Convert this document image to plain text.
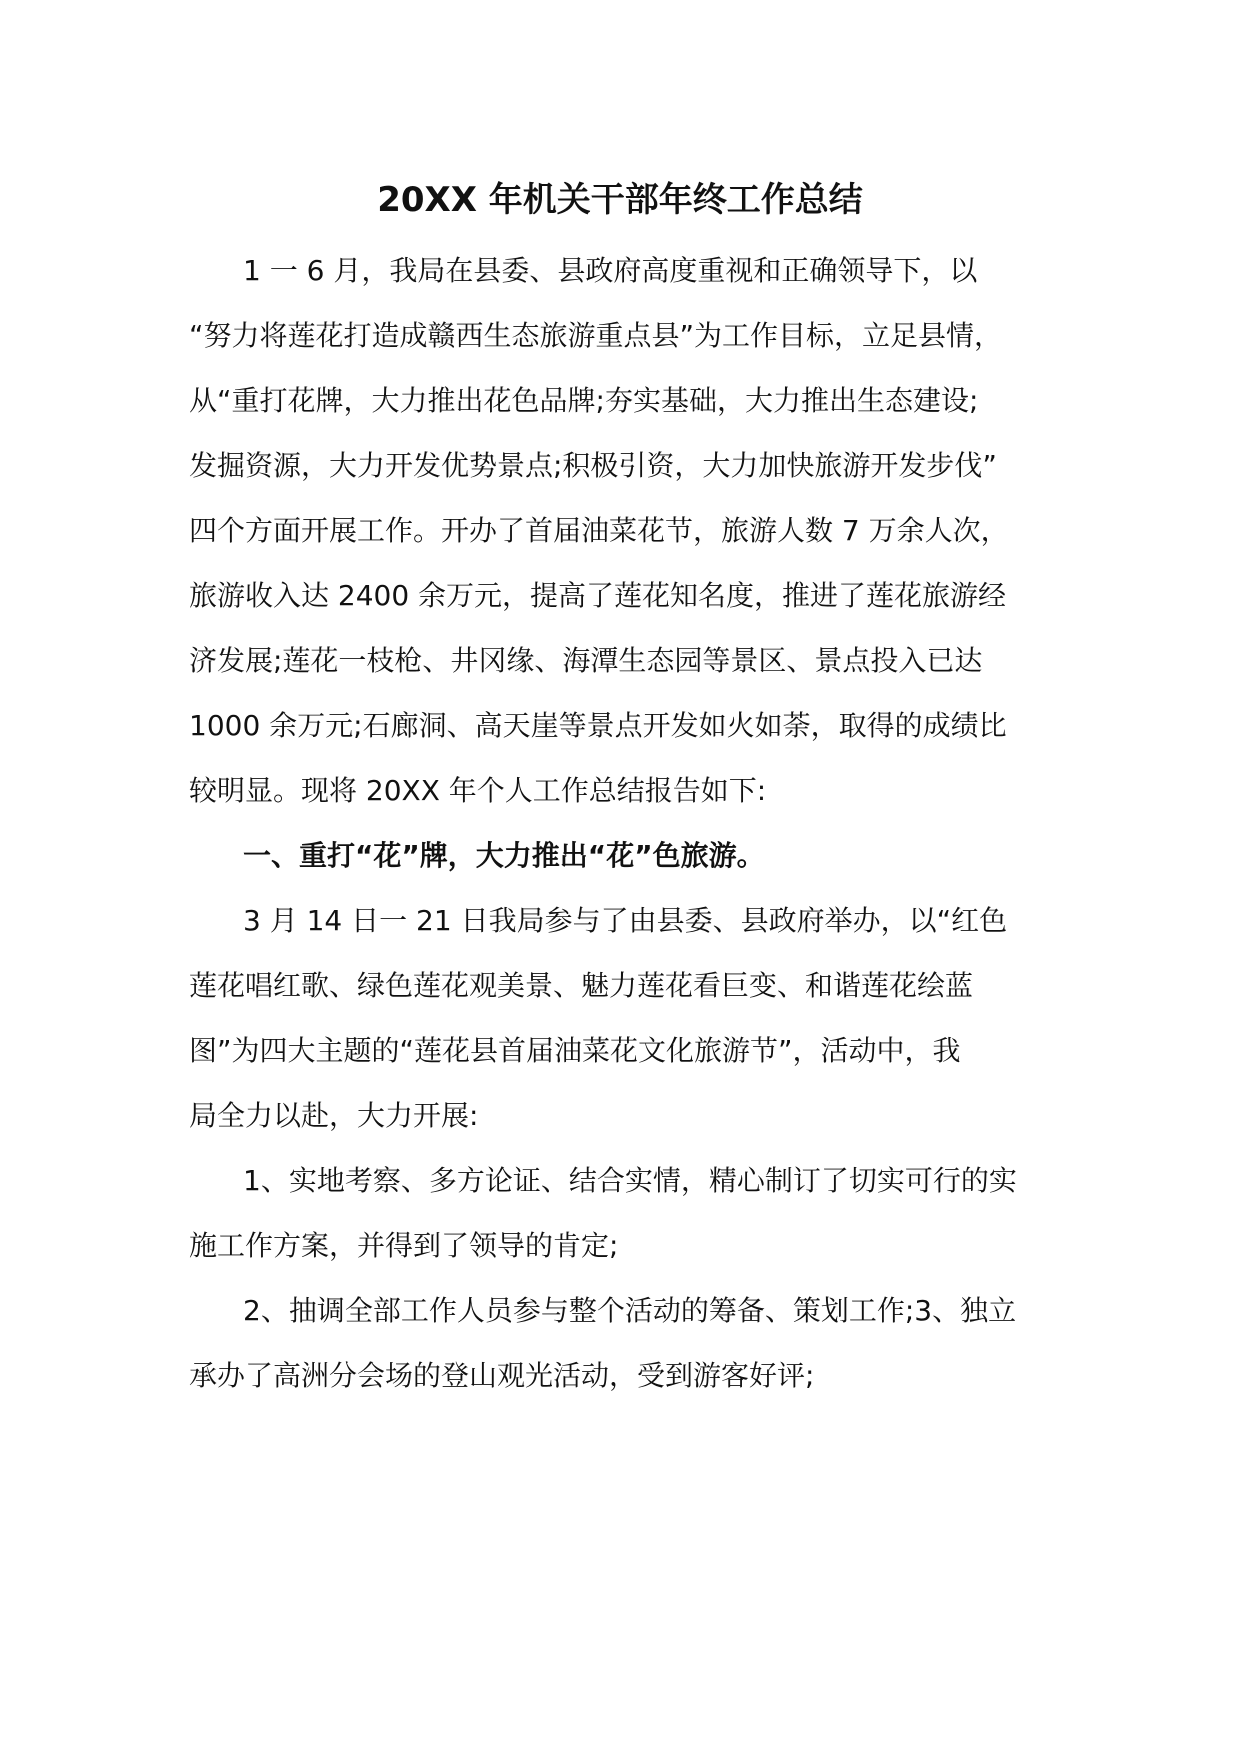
20XX 年机关干部年终工作总结
1 一 6 月，我局在县委、县政府高度重视和正确领导下，以
“努力将莲花打造成赣西生态旅游重点县”为工作目标，立足县情，
从“重打花牌，大力推出花色品牌;夯实基础，大力推出生态建设;
发掘资源，大力开发优势景点;积极引资，大力加快旅游开发步伐”
四个方面开展工作。开办了首届油菜花节，旅游人数 7 万余人次，
旅游收入达 2400 余万元，提高了莲花知名度，推进了莲花旅游经
济发展;莲花一枝枪、井冈缘、海潭生态园等景区、景点投入已达
1000 余万元;石廊洞、高天崖等景点开发如火如荼，取得的成绩比
较明显。现将 20XX 年个人工作总结报告如下:
一、重打“花”牌，大力推出“花”色旅游。
3 月 14 日一 21 日我局参与了由县委、县政府举办，以“红色
莲花唱红歌、绿色莲花观美景、魅力莲花看巨变、和谐莲花绘蓝
图”为四大主题的“莲花县首届油菜花文化旅游节”，活动中，我
局全力以赴，大力开展:
1、实地考察、多方论证、结合实情，精心制订了切实可行的实
施工作方案，并得到了领导的肯定;
2、抽调全部工作人员参与整个活动的筹备、策划工作;3、独立
承办了高洲分会场的登山观光活动，受到游客好评;
